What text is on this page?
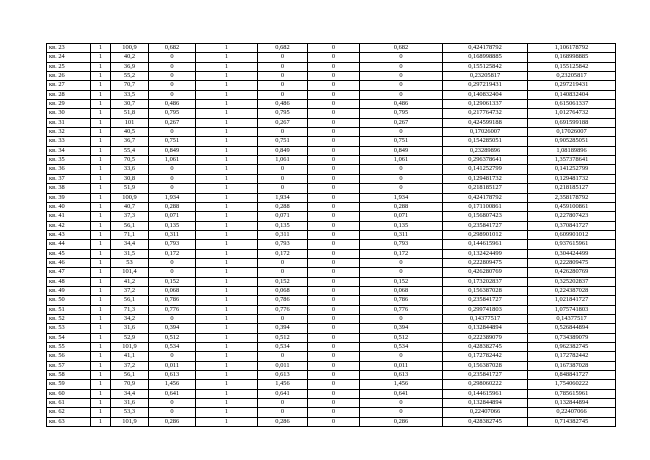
кв. 23	1	100,9	0,682	1	0,682	0	0,682	0,424178792	1,106178792
кв. 24	1	40,2	0	1	0	0	0	0,168998885	0,168998885
кв. 25	1	36,9	0	1	0	0	0	0,155125842	0,155125842
кв. 26	1	55,2	0	1	0	0	0	0,23205817	0,23205817
кв. 27	1	70,7	0	1	0	0	0	0,297219431	0,297219431
кв. 28	1	33,5	0	1	0	0	0	0,140832404	0,140832404
кв. 29	1	30,7	0,486	1	0,486	0	0,486	0,129061337	0,615061337
кв. 30	1	51,8	0,795	1	0,795	0	0,795	0,217764732	1,012764732
кв. 31	1	101	0,267	1	0,267	0	0,267	0,424599188	0,691599188
кв. 32	1	40,5	0	1	0	0	0	0,17026007	0,17026007
кв. 33	1	36,7	0,751	1	0,751	0	0,751	0,154285051	0,905285051
кв. 34	1	55,4	0,849	1	0,849	0	0,849	0,23289896	1,08189896
кв. 35	1	70,5	1,061	1	1,061	0	1,061	0,296378641	1,357378641
кв. 36	1	33,6	0	1	0	0	0	0,141252799	0,141252799
кв. 37	1	30,8	0	1	0	0	0	0,129481732	0,129481732
кв. 38	1	51,9	0	1	0	0	0	0,218185127	0,218185127
кв. 39	1	100,9	1,934	1	1,934	0	1,934	0,424178792	2,358178792
кв. 40	1	40,7	0,288	1	0,288	0	0,288	0,171100861	0,459100861
кв. 41	1	37,3	0,071	1	0,071	0	0,071	0,156807423	0,227807423
кв. 42	1	56,1	0,135	1	0,135	0	0,135	0,235841727	0,370841727
кв. 43	1	71,1	0,311	1	0,311	0	0,311	0,298901012	0,609901012
кв. 44	1	34,4	0,793	1	0,793	0	0,793	0,144615961	0,937615961
кв. 45	1	31,5	0,172	1	0,172	0	0,172	0,132424499	0,304424499
кв. 46	1	53	0	1	0	0	0	0,222809475	0,222809475
кв. 47	1	101,4	0	1	0	0	0	0,426280769	0,426280769
кв. 48	1	41,2	0,152	1	0,152	0	0,152	0,173202837	0,325202837
кв. 49	1	37,2	0,068	1	0,068	0	0,068	0,156387028	0,224387028
кв. 50	1	56,1	0,786	1	0,786	0	0,786	0,235841727	1,021841727
кв. 51	1	71,3	0,776	1	0,776	0	0,776	0,299741803	1,075741803
кв. 52	1	34,2	0	1	0	0	0	0,14377517	0,14377517
кв. 53	1	31,6	0,394	1	0,394	0	0,394	0,132844894	0,526844894
кв. 54	1	52,9	0,512	1	0,512	0	0,512	0,222389079	0,734389079
кв. 55	1	101,9	0,534	1	0,534	0	0,534	0,428382745	0,962382745
кв. 56	1	41,1	0	1	0	0	0	0,172782442	0,172782442
кв. 57	1	37,2	0,011	1	0,011	0	0,011	0,156387028	0,167387028
кв. 58	1	56,1	0,613	1	0,613	0	0,613	0,235841727	0,848841727
кв. 59	1	70,9	1,456	1	1,456	0	1,456	0,298060222	1,754060222
кв. 60	1	34,4	0,641	1	0,641	0	0,641	0,144615961	0,785615961
кв. 61	1	31,6	0	1	0	0	0	0,132844894	0,132844894
кв. 62	1	53,3	0	1	0	0	0	0,22407066	0,22407066
кв. 63	1	101,9	0,286	1	0,286	0	0,286	0,428382745	0,714382745
